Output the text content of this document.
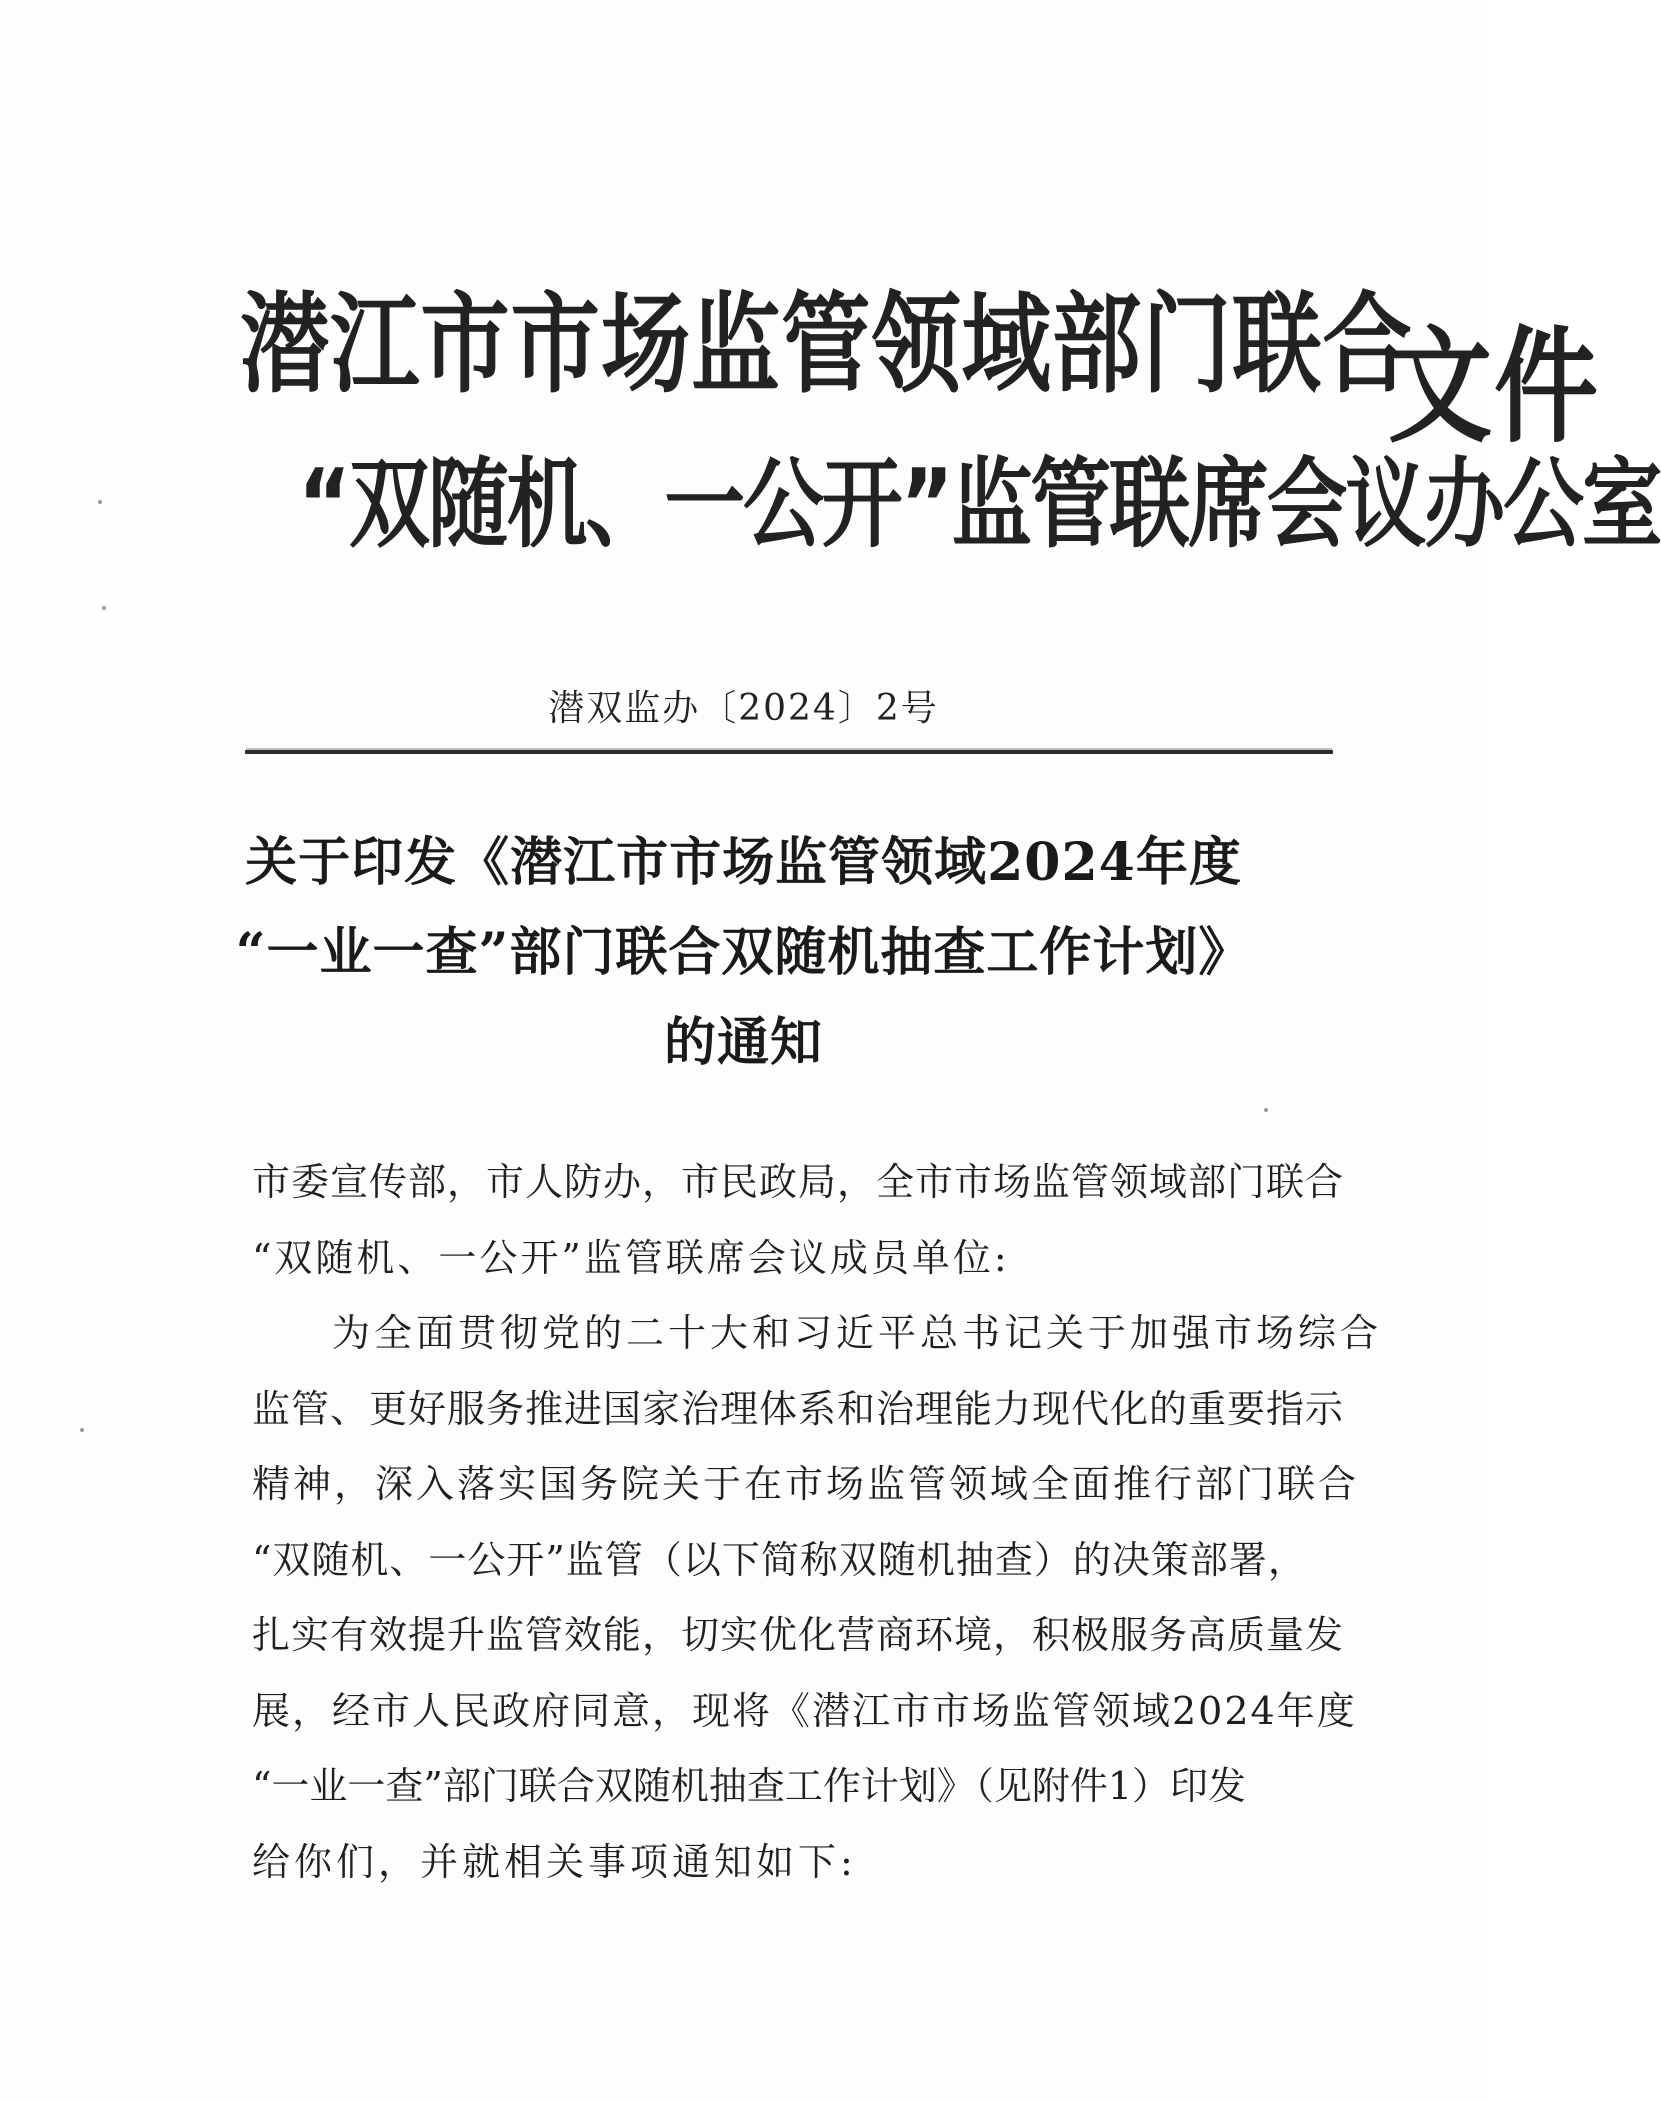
潜江市市场监管领域部门联合
“双随机、一公开”监管联席会议办公室
文件
潜双监办〔2024〕2号
关于印发《潜江市市场监管领域2024年度
“一业一查”部门联合双随机抽查工作计划》
的通知
市委宣传部，市人防办，市民政局，全市市场监管领域部门联合
“双随机、一公开”监管联席会议成员单位:
为全面贯彻党的二十大和习近平总书记关于加强市场综合
监管、更好服务推进国家治理体系和治理能力现代化的重要指示
精神，深入落实国务院关于在市场监管领域全面推行部门联合
“双随机、一公开”监管（以下简称双随机抽查）的决策部署，
扎实有效提升监管效能，切实优化营商环境，积极服务高质量发
展，经市人民政府同意，现将《潜江市市场监管领域2024年度
“一业一查”部门联合双随机抽查工作计划》（见附件1）印发
给你们，并就相关事项通知如下:
